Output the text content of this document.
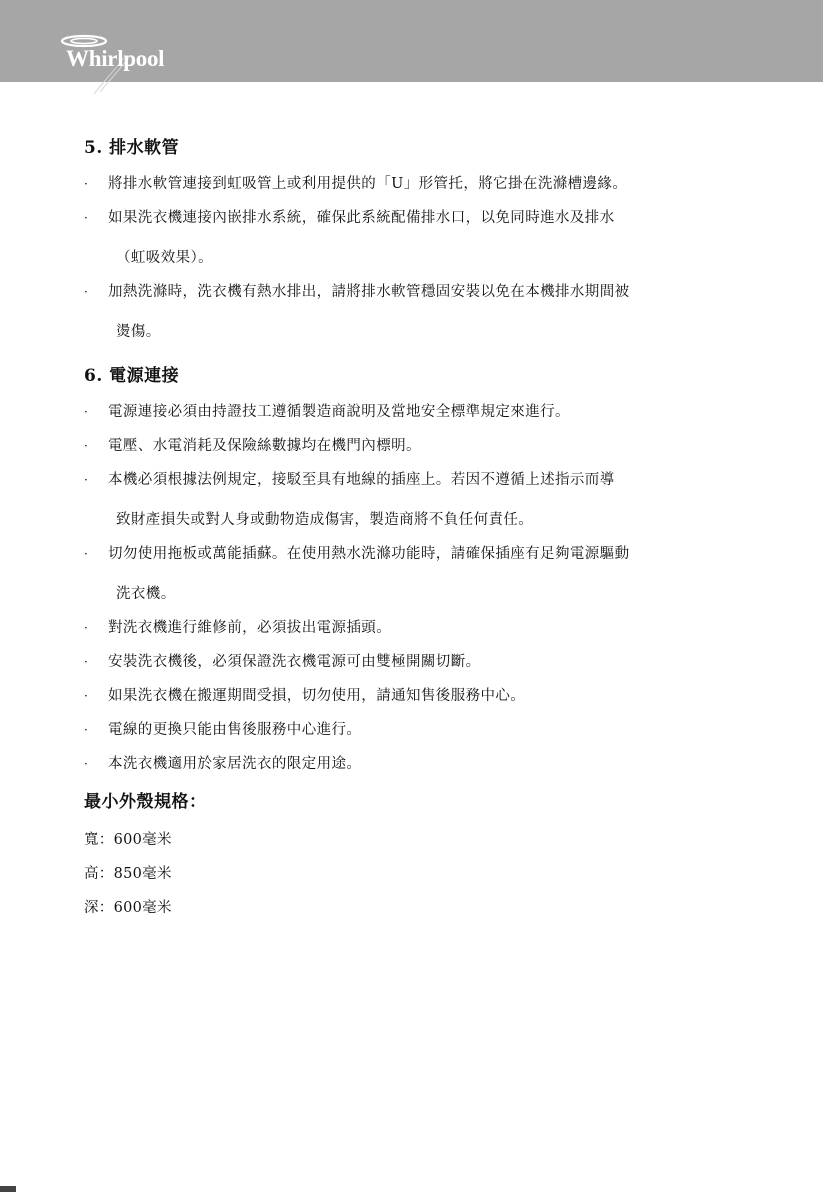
Whirlpool
5. 排水軟管
·	將排水軟管連接到虹吸管上或利用提供的「U」形管托，將它掛在洗滌槽邊緣。
·	如果洗衣機連接內嵌排水系統，確保此系統配備排水口，以免同時進水及排水
（虹吸效果）。
·	加熱洗滌時，洗衣機有熱水排出，請將排水軟管穩固安裝以免在本機排水期間被
燙傷。
6. 電源連接
·	電源連接必須由持證技工遵循製造商說明及當地安全標準規定來進行。
·	電壓、水電消耗及保險絲數據均在機門內標明。
·	本機必須根據法例規定，接駁至具有地線的插座上。若因不遵循上述指示而導
致財產損失或對人身或動物造成傷害，製造商將不負任何責任。
·	切勿使用拖板或萬能插蘇。在使用熱水洗滌功能時，請確保插座有足夠電源驅動
洗衣機。
·	對洗衣機進行維修前，必須拔出電源插頭。
·	安裝洗衣機後，必須保證洗衣機電源可由雙極開關切斷。
·	如果洗衣機在搬運期間受損，切勿使用，請通知售後服務中心。
·	電線的更換只能由售後服務中心進行。
·	本洗衣機適用於家居洗衣的限定用途。
最小外殼規格：
寬：600毫米
高：850毫米
深：600毫米
